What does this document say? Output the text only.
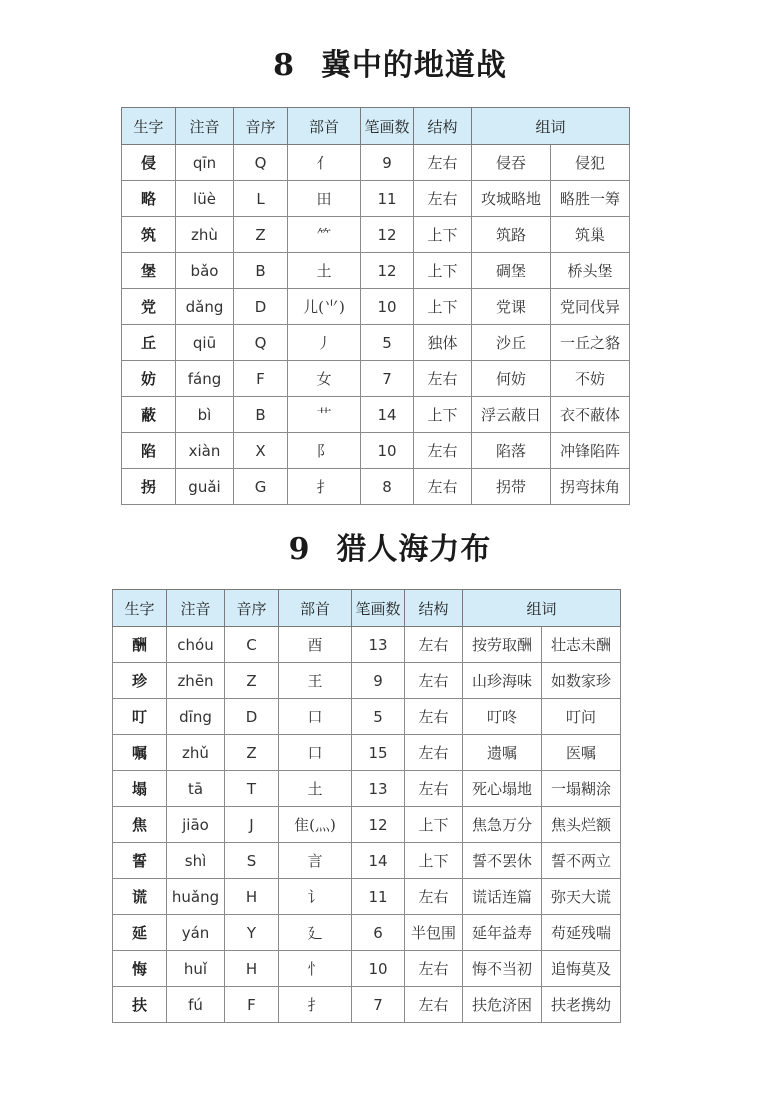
8 冀中的地道战
生字	注音	音序	部首	笔画数	结构	组词	
侵	qīn	Q	亻	9	左右	侵吞	侵犯
略	lüè	L	田	11	左右	攻城略地	略胜一筹
筑	zhù	Z	⺮	12	上下	筑路	筑巢
堡	bǎo	B	土	12	上下	碉堡	桥头堡
党	dǎng	D	儿(⺌)	10	上下	党课	党同伐异
丘	qiū	Q	丿	5	独体	沙丘	一丘之貉
妨	fáng	F	女	7	左右	何妨	不妨
蔽	bì	B	艹	14	上下	浮云蔽日	衣不蔽体
陷	xiàn	X	阝	10	左右	陷落	冲锋陷阵
拐	guǎi	G	扌	8	左右	拐带	拐弯抹角
9 猎人海力布
生字	注音	音序	部首	笔画数	结构	组词	
酬	chóu	C	酉	13	左右	按劳取酬	壮志未酬
珍	zhēn	Z	王	9	左右	山珍海味	如数家珍
叮	dīng	D	口	5	左右	叮咚	叮问
嘱	zhǔ	Z	口	15	左右	遗嘱	医嘱
塌	tā	T	土	13	左右	死心塌地	一塌糊涂
焦	jiāo	J	隹(灬)	12	上下	焦急万分	焦头烂额
誓	shì	S	言	14	上下	誓不罢休	誓不两立
谎	huǎng	H	讠	11	左右	谎话连篇	弥天大谎
延	yán	Y	廴	6	半包围	延年益寿	苟延残喘
悔	huǐ	H	忄	10	左右	悔不当初	追悔莫及
扶	fú	F	扌	7	左右	扶危济困	扶老携幼
